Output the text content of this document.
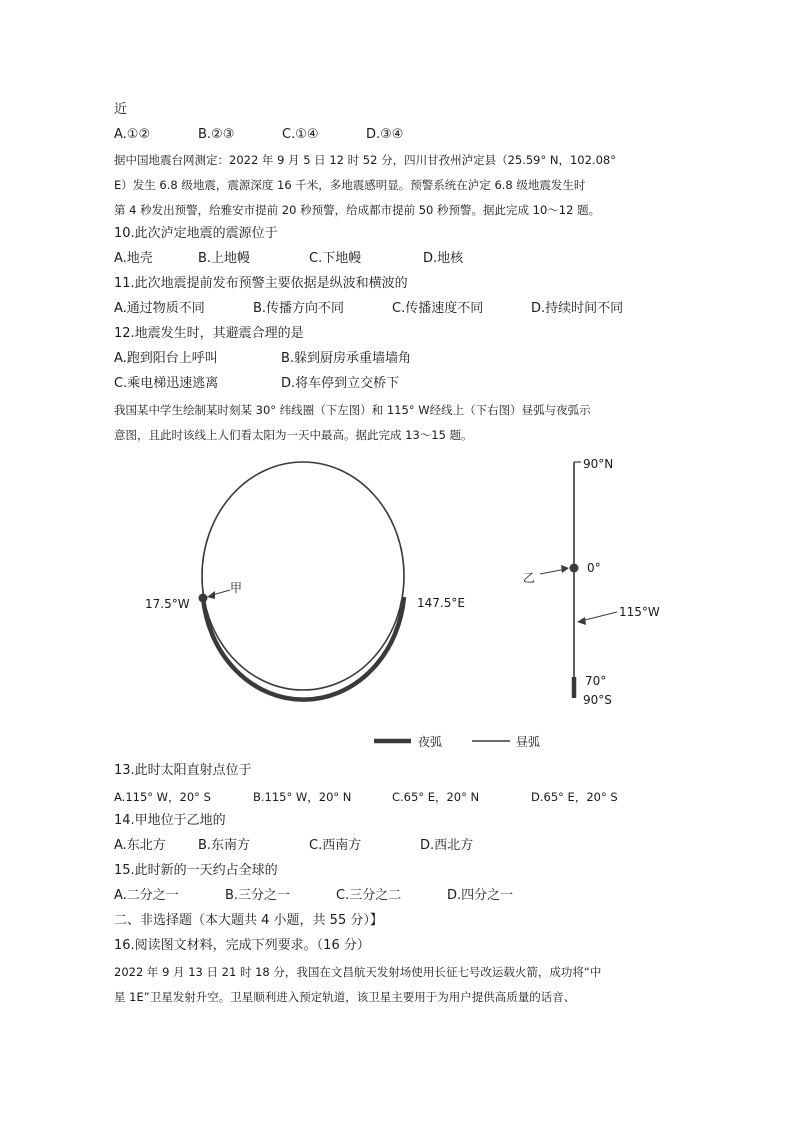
近
A.①②	B.②③	C.①④	D.③④
据中国地震台网测定：2022 年 9 月 5 日 12 时 52 分，四川甘孜州泸定县（25.59° N，102.08°
E）发生 6.8 级地震，震源深度 16 千米，多地震感明显。预警系统在泸定 6.8 级地震发生时
第 4 秒发出预警，给雅安市提前 20 秒预警，给成都市提前 50 秒预警。据此完成 10～12 题。
10.此次泸定地震的震源位于
A.地壳	B.上地幔	C.下地幔	D.地核
11.此次地震提前发布预警主要依据是纵波和横波的
A.通过物质不同	B.传播方向不同	C.传播速度不同	D.持续时间不同
12.地震发生时，其避震合理的是
A.跑到阳台上呼叫	B.躲到厨房承重墙墙角
C.乘电梯迅速逃离	D.将车停到立交桥下
我国某中学生绘制某时刻某 30° 纬线圈（下左图）和 115° W经线上（下右图）昼弧与夜弧示
意图，且此时该线上人们看太阳为一天中最高。据此完成 13～15 题。
甲
17.5°W	147.5°E
90°N
0°
乙
115°W
70°
90°S
夜弧	昼弧
13.此时太阳直射点位于
A.115° W，20° S	B.115° W，20° N	C.65° E，20° N	D.65° E，20° S
14.甲地位于乙地的
A.东北方 B.东南方	C.西南方	D.西北方
15.此时新的一天约占全球的
A.二分之一	B.三分之一	C.三分之二	D.四分之一
二、非选择题（本大题共 4 小题，共 55 分）】
16.阅读图文材料，完成下列要求。（16 分）
2022 年 9 月 13 日 21 时 18 分，我国在文昌航天发射场使用长征七号改运载火箭，成功将“中
星 1E”卫星发射升空。卫星顺利进入预定轨道，该卫星主要用于为用户提供高质量的话音、
